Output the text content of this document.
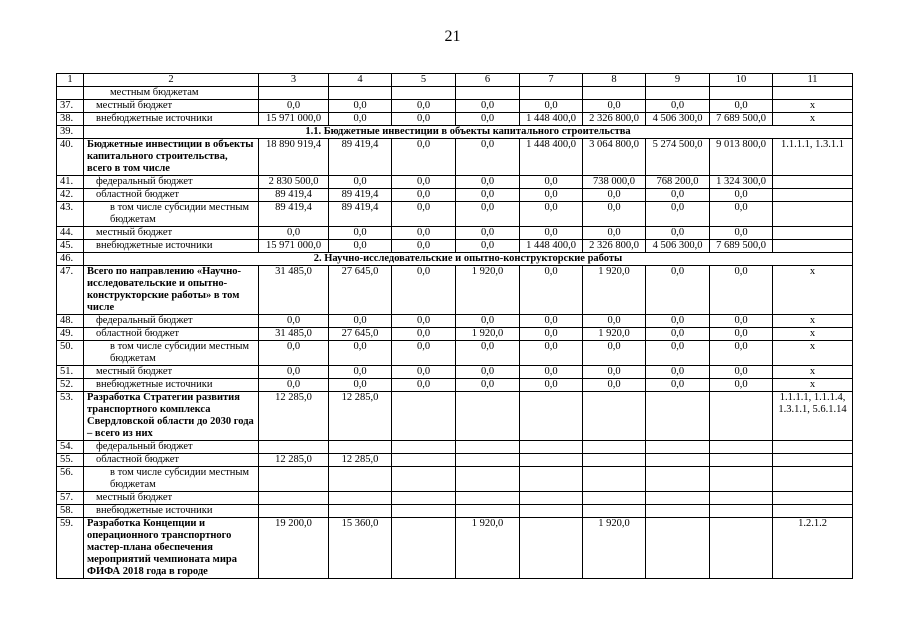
21
1	2	3	4	5	6	7	8	9	10	11
	местным бюджетам									
37.	местный бюджет	0,0	0,0	0,0	0,0	0,0	0,0	0,0	0,0	x
38.	внебюджетные источники	15 971 000,0	0,0	0,0	0,0	1 448 400,0	2 326 800,0	4 506 300,0	7 689 500,0	x
39.	1.1. Бюджетные инвестиции в объекты капитального строительства									
40.	Бюджетные инвестиции в объекты капитального строительства, всего в том числе	18 890 919,4	89 419,4	0,0	0,0	1 448 400,0	3 064 800,0	5 274 500,0	9 013 800,0	1.1.1.1, 1.3.1.1
41.	федеральный бюджет	2 830 500,0	0,0	0,0	0,0	0,0	738 000,0	768 200,0	1 324 300,0	
42.	областной бюджет	89 419,4	89 419,4	0,0	0,0	0,0	0,0	0,0	0,0	
43.	в том числе субсидии местным бюджетам	89 419,4	89 419,4	0,0	0,0	0,0	0,0	0,0	0,0	
44.	местный бюджет	0,0	0,0	0,0	0,0	0,0	0,0	0,0	0,0	
45.	внебюджетные источники	15 971 000,0	0,0	0,0	0,0	1 448 400,0	2 326 800,0	4 506 300,0	7 689 500,0	
46.	2. Научно-исследовательские и опытно-конструкторские работы									
47.	Всего по направлению «Научно-исследовательские и опытно-конструкторские работы» в том числе	31 485,0	27 645,0	0,0	1 920,0	0,0	1 920,0	0,0	0,0	x
48.	федеральный бюджет	0,0	0,0	0,0	0,0	0,0	0,0	0,0	0,0	x
49.	областной бюджет	31 485,0	27 645,0	0,0	1 920,0	0,0	1 920,0	0,0	0,0	x
50.	в том числе субсидии местным бюджетам	0,0	0,0	0,0	0,0	0,0	0,0	0,0	0,0	x
51.	местный бюджет	0,0	0,0	0,0	0,0	0,0	0,0	0,0	0,0	x
52.	внебюджетные источники	0,0	0,0	0,0	0,0	0,0	0,0	0,0	0,0	x
53.	Разработка Стратегии развития транспортного комплекса Свердловской области до 2030 года – всего из них	12 285,0	12 285,0							1.1.1.1, 1.1.1.4, 1.3.1.1, 5.6.1.14
54.	федеральный бюджет									
55.	областной бюджет	12 285,0	12 285,0							
56.	в том числе субсидии местным бюджетам									
57.	местный бюджет									
58.	внебюджетные источники									
59.	Разработка Концепции и операционного транспортного мастер-плана обеспечения мероприятий чемпионата мира ФИФА 2018 года в городе	19 200,0	15 360,0		1 920,0		1 920,0			1.2.1.2
